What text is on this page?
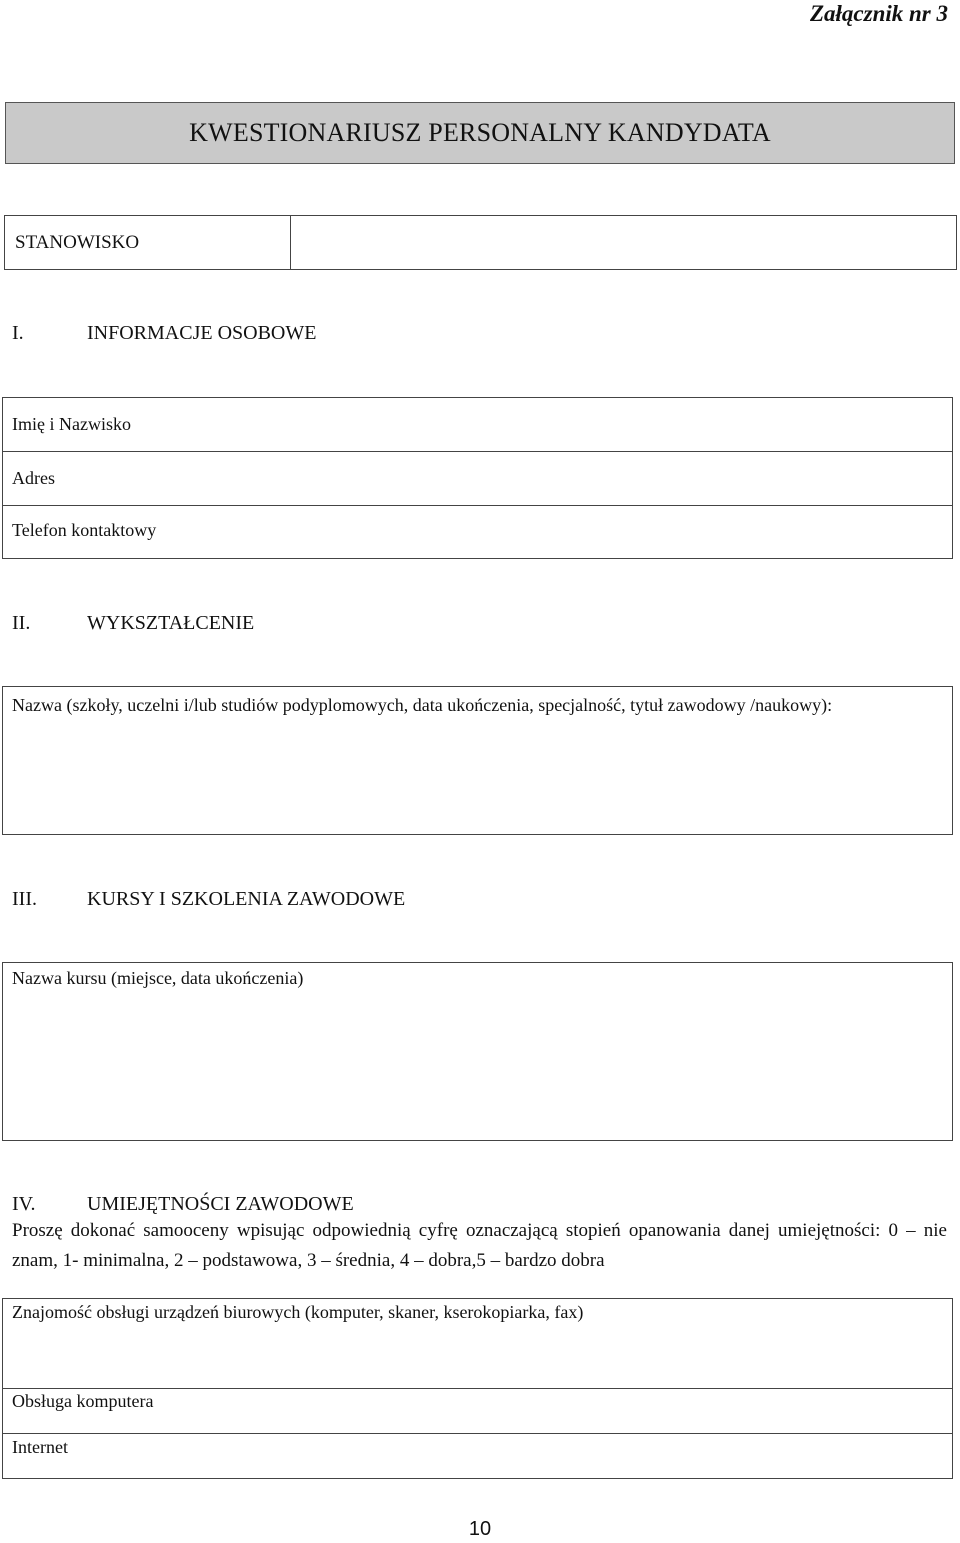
Załącznik nr 3
KWESTIONARIUSZ PERSONALNY KANDYDATA
STANOWISKO
I.	INFORMACJE OSOBOWE
Imię i Nazwisko
Adres
Telefon kontaktowy
II.	WYKSZTAŁCENIE
Nazwa (szkoły, uczelni i/lub studiów podyplomowych, data ukończenia, specjalność, tytuł zawodowy /naukowy):
III.	KURSY I SZKOLENIA ZAWODOWE
Nazwa kursu (miejsce, data ukończenia)
IV.	UMIEJĘTNOŚCI ZAWODOWE
Proszę dokonać samooceny wpisując odpowiednią cyfrę oznaczającą stopień opanowania danej umiejętności: 0 – nie znam, 1- minimalna, 2 – podstawowa, 3 – średnia, 4 – dobra,5 – bardzo dobra
Znajomość obsługi urządzeń biurowych (komputer, skaner, kserokopiarka, fax)
Obsługa komputera
Internet
10
